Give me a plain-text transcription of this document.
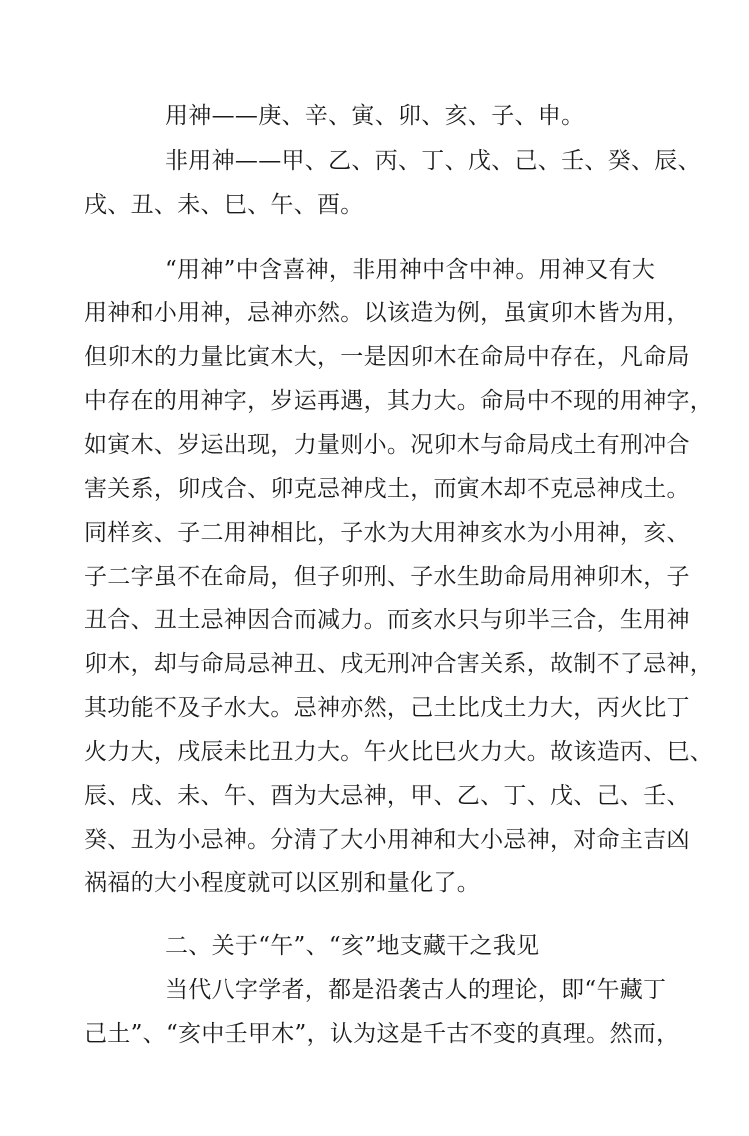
用神——庚、辛、寅、卯、亥、子、申。
非用神——甲、乙、丙、丁、戊、己、壬、癸、辰、
戌、丑、未、巳、午、酉。
“用神”中含喜神，非用神中含中神。用神又有大
用神和小用神，忌神亦然。以该造为例，虽寅卯木皆为用，
但卯木的力量比寅木大，一是因卯木在命局中存在，凡命局
中存在的用神字，岁运再遇，其力大。命局中不现的用神字，
如寅木、岁运出现，力量则小。况卯木与命局戌土有刑冲合
害关系，卯戌合、卯克忌神戌土，而寅木却不克忌神戌土。
同样亥、子二用神相比，子水为大用神亥水为小用神，亥、
子二字虽不在命局，但子卯刑、子水生助命局用神卯木，子
丑合、丑土忌神因合而减力。而亥水只与卯半三合，生用神
卯木，却与命局忌神丑、戌无刑冲合害关系，故制不了忌神，
其功能不及子水大。忌神亦然，己土比戊土力大，丙火比丁
火力大，戌辰未比丑力大。午火比巳火力大。故该造丙、巳、
辰、戌、未、午、酉为大忌神，甲、乙、丁、戊、己、壬、
癸、丑为小忌神。分清了大小用神和大小忌神，对命主吉凶
祸福的大小程度就可以区别和量化了。
二、关于“午”、“亥”地支藏干之我见
当代八字学者，都是沿袭古人的理论，即“午藏丁
己土”、“亥中壬甲木”，认为这是千古不变的真理。然而，
